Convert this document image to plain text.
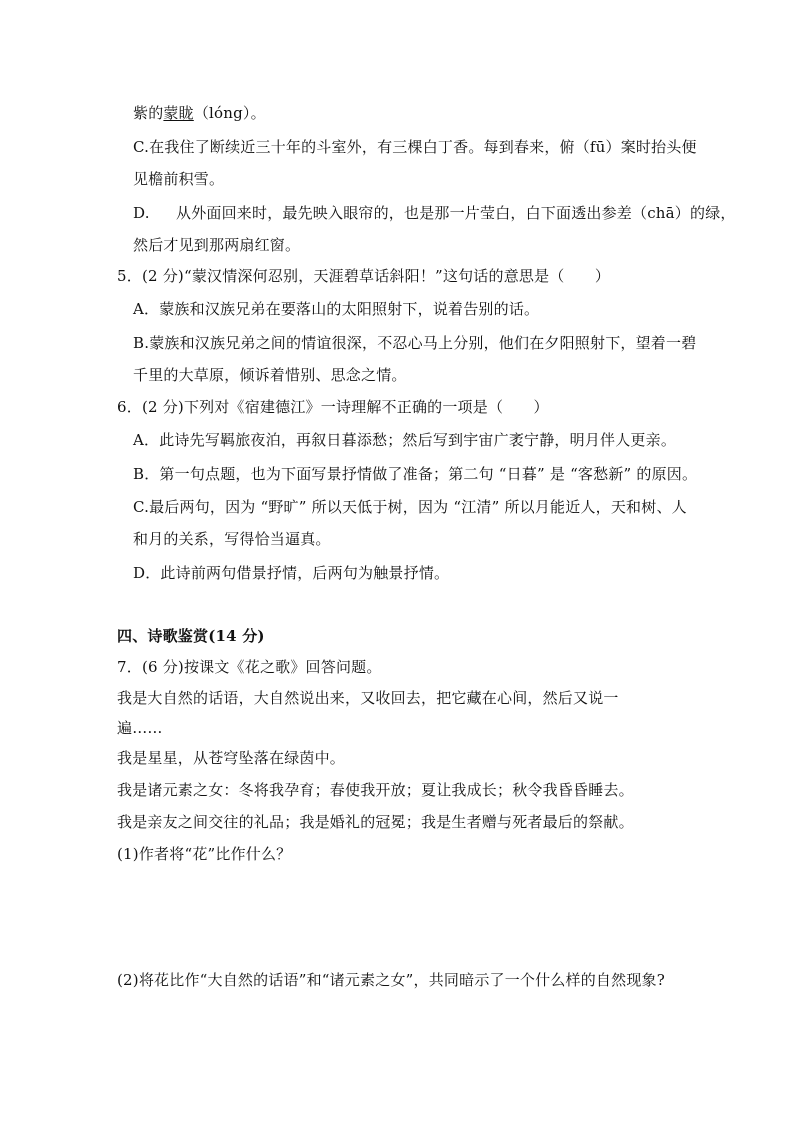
紫的蒙眬（lóng）。
C.在我住了断续近三十年的斗室外，有三棵白丁香。每到春来，俯（fū）案时抬头便
见檐前积雪。
D. 从外面回来时，最先映入眼帘的，也是那一片莹白，白下面透出参差（chā）的绿，
然后才见到那两扇红窗。
5．(2 分)“蒙汉情深何忍别，天涯碧草话斜阳！”这句话的意思是（　　）
A．蒙族和汉族兄弟在要落山的太阳照射下，说着告别的话。
B.蒙族和汉族兄弟之间的情谊很深，不忍心马上分别，他们在夕阳照射下，望着一碧
千里的大草原，倾诉着惜别、思念之情。
6．(2 分)下列对《宿建德江》一诗理解不正确的一项是（　　）
A．此诗先写羁旅夜泊，再叙日暮添愁；然后写到宇宙广袤宁静，明月伴人更亲。
B．第一句点题，也为下面写景抒情做了准备；第二句 “日暮” 是 “客愁新” 的原因。
C.最后两句，因为 “野旷” 所以天低于树，因为 “江清” 所以月能近人，天和树、人
和月的关系，写得恰当逼真。
D．此诗前两句借景抒情，后两句为触景抒情。
四、诗歌鉴赏(14 分)
7．(6 分)按课文《花之歌》回答问题。
我是大自然的话语，大自然说出来，又收回去，把它藏在心间，然后又说一
遍……
我是星星，从苍穹坠落在绿茵中。
我是诸元素之女：冬将我孕育；春使我开放；夏让我成长；秋令我昏昏睡去。
我是亲友之间交往的礼品；我是婚礼的冠冕；我是生者赠与死者最后的祭献。
(1)作者将“花”比作什么？
(2)将花比作“大自然的话语”和“诸元素之女”，共同暗示了一个什么样的自然现象?
